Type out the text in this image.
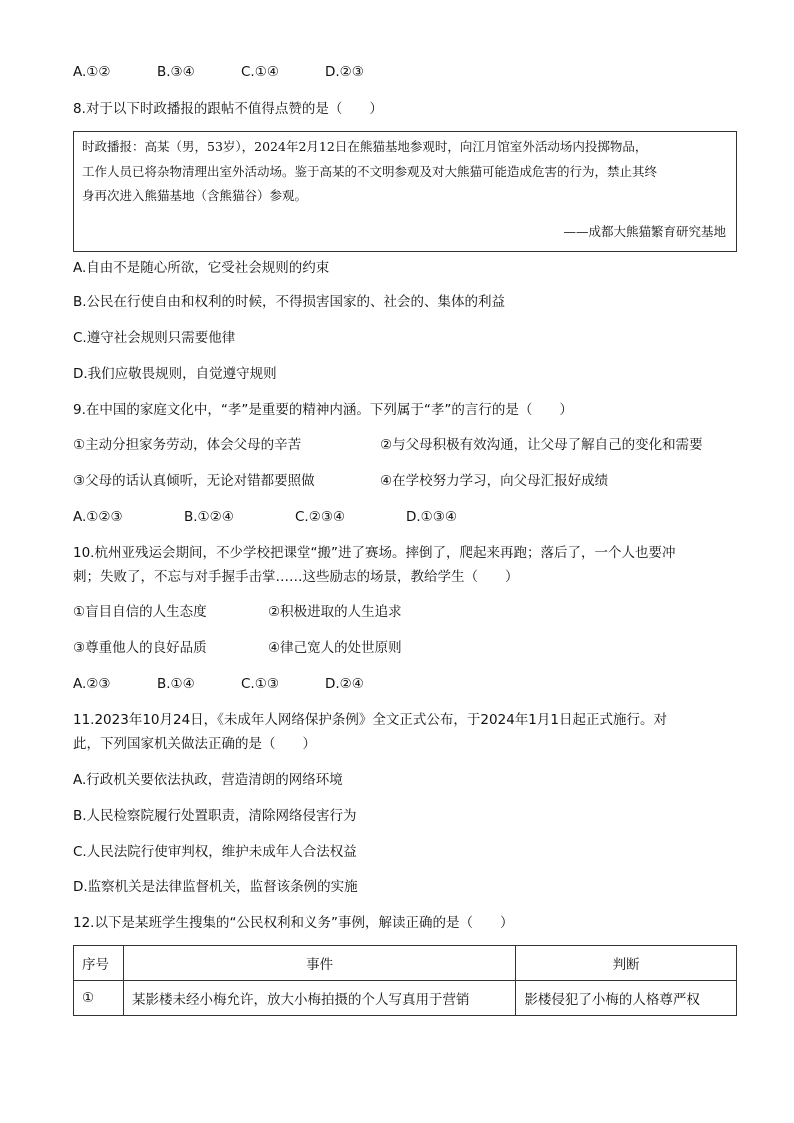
A.①②	B.③④	C.①④	D.②③
8.对于以下时政播报的跟帖不值得点赞的是（　　）
时政播报：高某（男，53岁），2024年2月12日在熊猫基地参观时，向江月馆室外活动场内投掷物品，
工作人员已将杂物清理出室外活动场。鉴于高某的不文明参观及对大熊猫可能造成危害的行为，禁止其终
身再次进入熊猫基地（含熊猫谷）参观。
——成都大熊猫繁育研究基地
A.自由不是随心所欲，它受社会规则的约束
B.公民在行使自由和权利的时候，不得损害国家的、社会的、集体的利益
C.遵守社会规则只需要他律
D.我们应敬畏规则，自觉遵守规则
9.在中国的家庭文化中，“孝”是重要的精神内涵。下列属于“孝”的言行的是（　　）
①主动分担家务劳动，体会父母的辛苦	②与父母积极有效沟通，让父母了解自己的变化和需要
③父母的话认真倾听，无论对错都要照做	④在学校努力学习，向父母汇报好成绩
A.①②③	B.①②④	C.②③④	D.①③④
10.杭州亚残运会期间，不少学校把课堂“搬”进了赛场。摔倒了，爬起来再跑；落后了，一个人也要冲
刺；失败了，不忘与对手握手击掌……这些励志的场景，教给学生（　　）
①盲目自信的人生态度	②积极进取的人生追求
③尊重他人的良好品质	④律己宽人的处世原则
A.②③	B.①④	C.①③	D.②④
11.2023年10月24日，《未成年人网络保护条例》全文正式公布，于2024年1月1日起正式施行。对
此，下列国家机关做法正确的是（　　）
A.行政机关要依法执政，营造清朗的网络环境
B.人民检察院履行处置职责，清除网络侵害行为
C.人民法院行使审判权，维护未成年人合法权益
D.监察机关是法律监督机关，监督该条例的实施
12.以下是某班学生搜集的“公民权利和义务”事例，解读正确的是（　　）
序号	事件	判断
①	某影楼未经小梅允许，放大小梅拍摄的个人写真用于营销	影楼侵犯了小梅的人格尊严权
